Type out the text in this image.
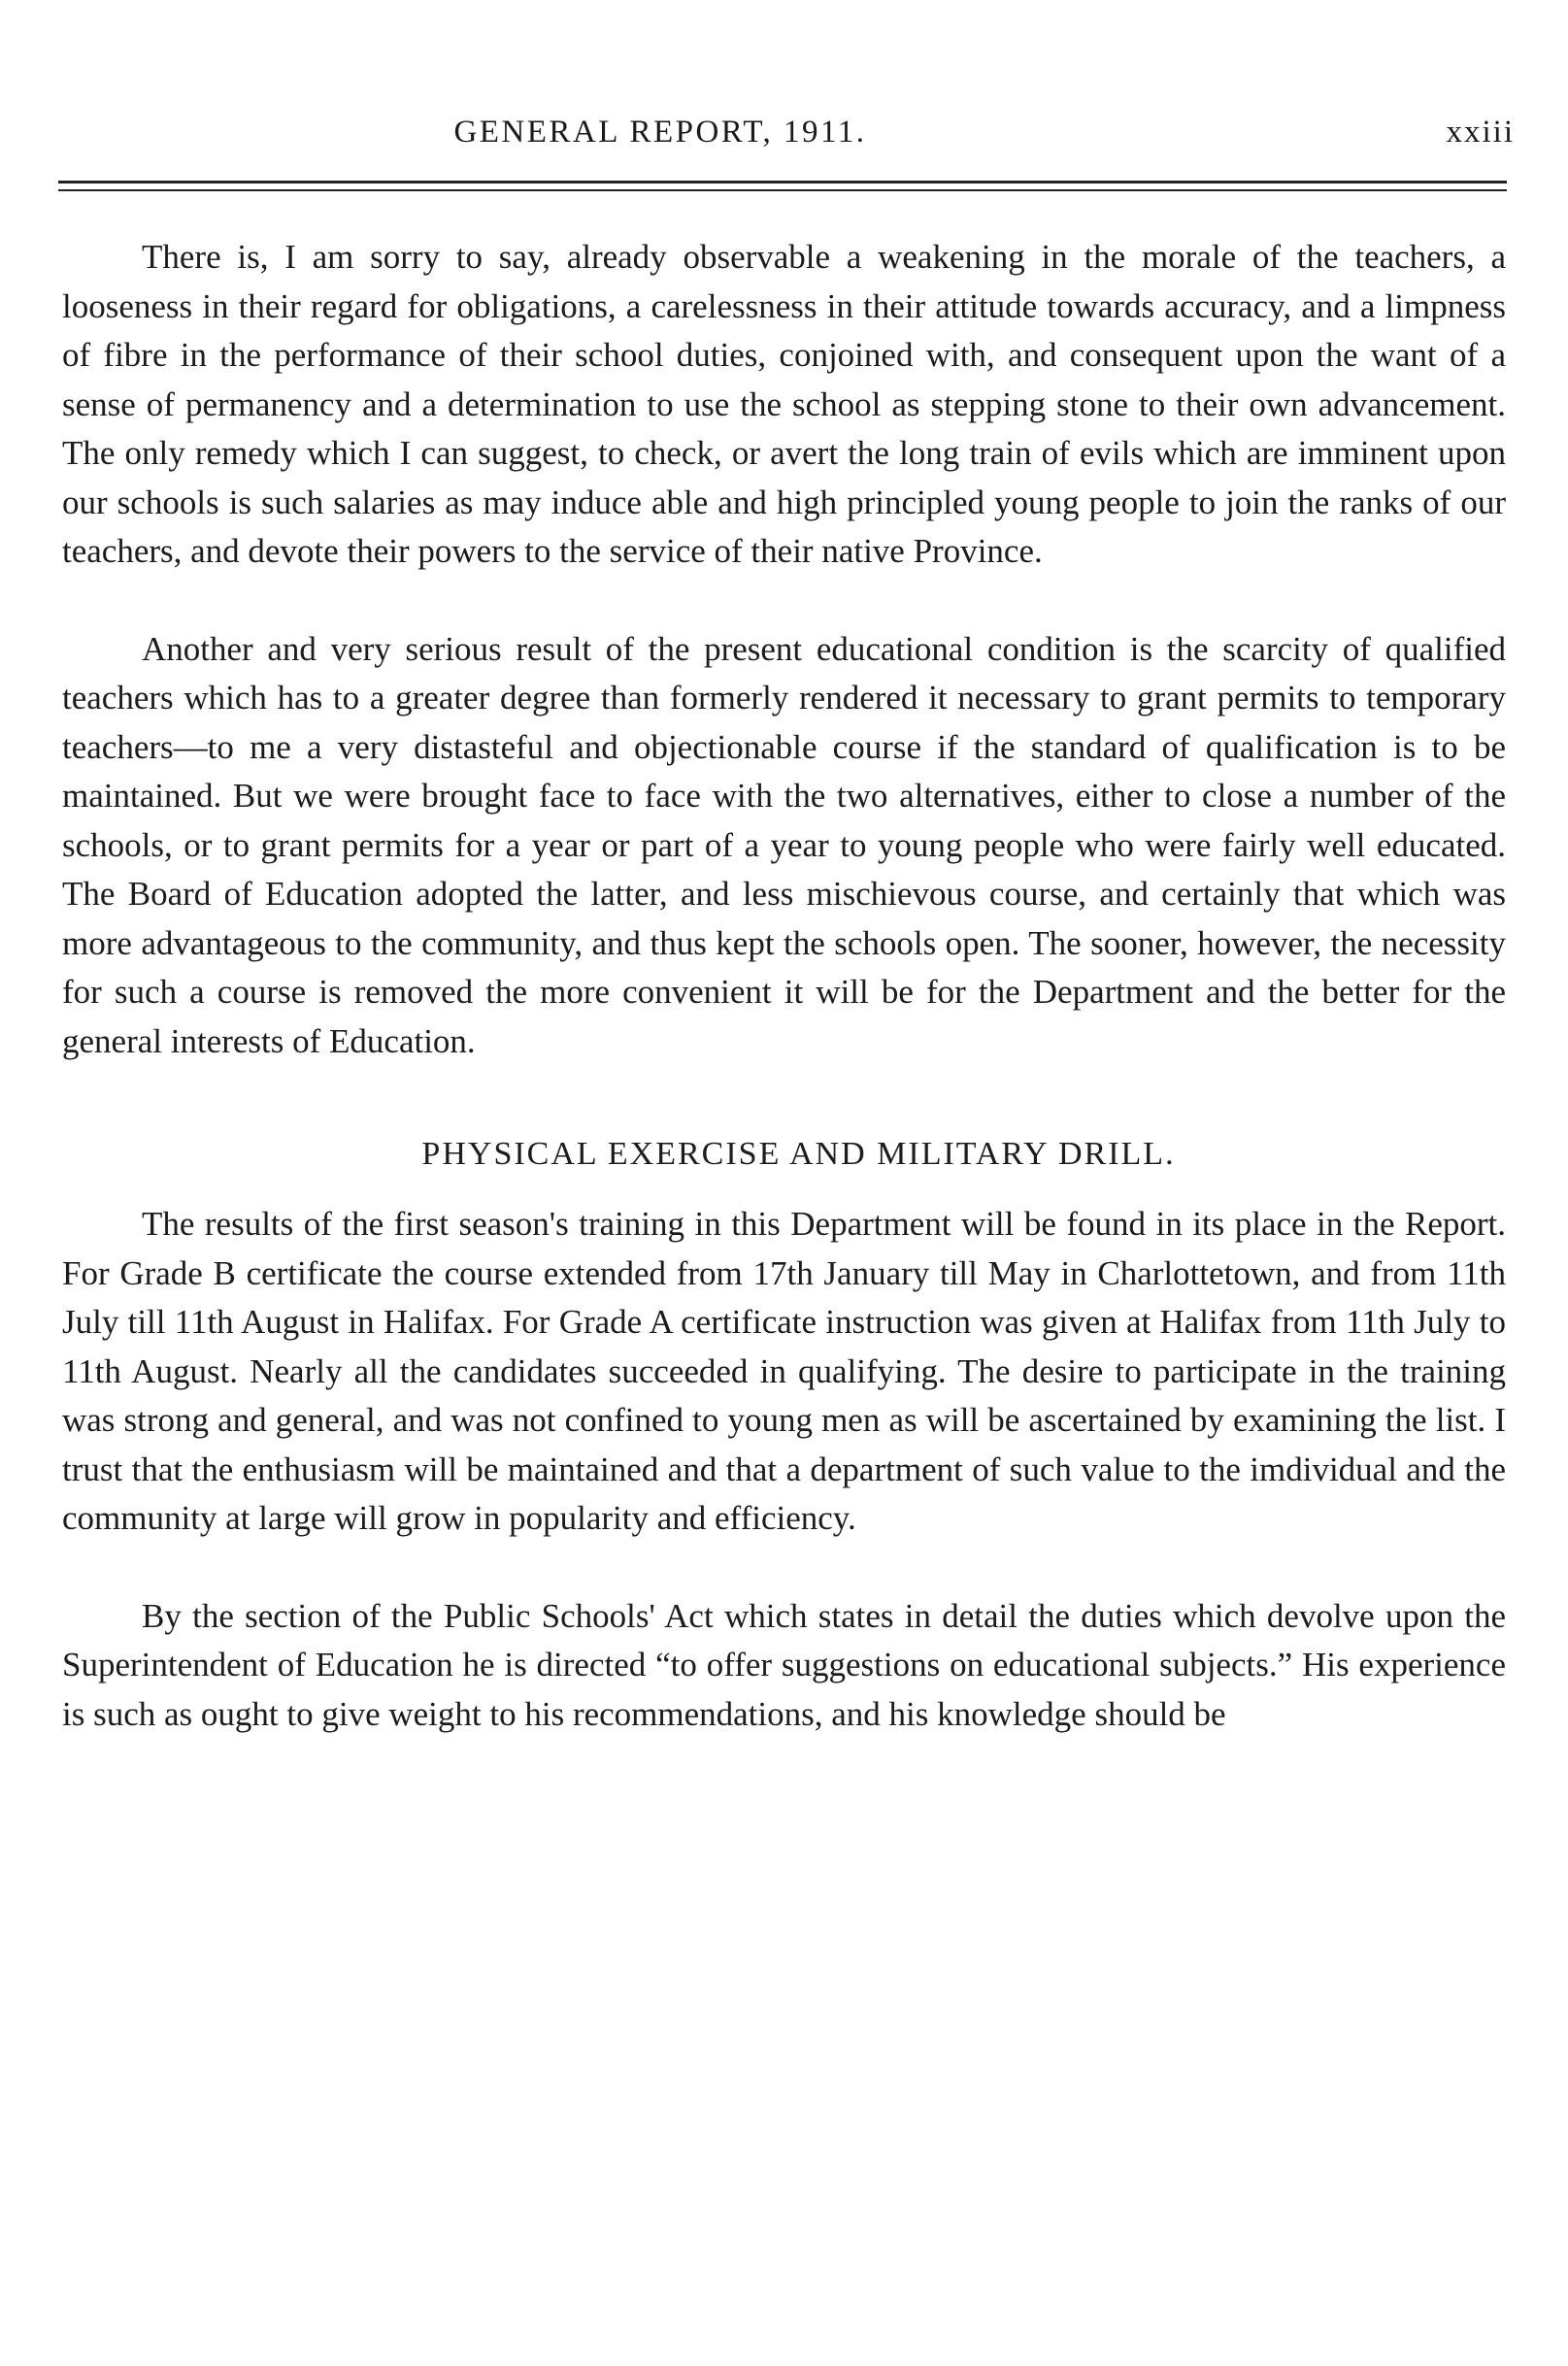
GENERAL REPORT, 1911.	xxiii

There is, I am sorry to say, already observable a weakening in the morale of the teachers, a looseness in their regard for obligations, a carelessness in their attitude towards accuracy, and a limpness of fibre in the performance of their school duties, conjoined with, and consequent upon the want of a sense of permanency and a determination to use the school as stepping stone to their own advancement. The only remedy which I can suggest, to check, or avert the long train of evils which are imminent upon our schools is such salaries as may induce able and high principled young people to join the ranks of our teachers, and devote their powers to the service of their native Province.

Another and very serious result of the present educational condition is the scarcity of qualified teachers which has to a greater degree than formerly rendered it necessary to grant permits to temporary teachers—to me a very distasteful and objectionable course if the standard of qualification is to be maintained. But we were brought face to face with the two alternatives, either to close a number of the schools, or to grant permits for a year or part of a year to young people who were fairly well educated. The Board of Education adopted the latter, and less mischievous course, and certainly that which was more advantageous to the community, and thus kept the schools open. The sooner, however, the necessity for such a course is removed the more convenient it will be for the Department and the better for the general interests of Education.

PHYSICAL EXERCISE AND MILITARY DRILL.

The results of the first season's training in this Department will be found in its place in the Report. For Grade B certificate the course extended from 17th January till May in Charlottetown, and from 11th July till 11th August in Halifax. For Grade A certificate instruction was given at Halifax from 11th July to 11th August. Nearly all the candidates succeeded in qualifying. The desire to participate in the training was strong and general, and was not confined to young men as will be ascertained by examining the list. I trust that the enthusiasm will be maintained and that a department of such value to the imdividual and the community at large will grow in popularity and efficiency.

By the section of the Public Schools' Act which states in detail the duties which devolve upon the Superintendent of Education he is directed “to offer suggestions on educational subjects.” His experience is such as ought to give weight to his recommendations, and his knowledge should be
